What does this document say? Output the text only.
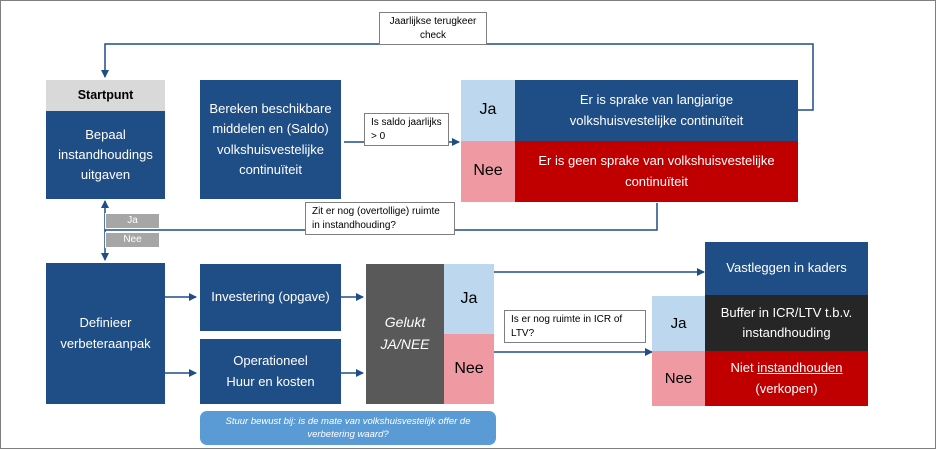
Jaarlijkse terugkeer check
Is saldo jaarlijks > 0
Zit er nog (overtollige) ruimte in instandhouding?
Is er nog ruimte in ICR of LTV?
Ja
Nee
Startpunt
Bepaal instandhoudings uitgaven
Bereken beschikbare middelen en (Saldo) volkshuisvestelijke continuïteit
Ja
Nee
Er is sprake van langjarige volkshuisvestelijke continuïteit
Er is geen sprake van volkshuisvestelijke continuïteit
Definieer verbeteraanpak
Investering (opgave)
Operationeel Huur en kosten
Gelukt JA/NEE
Ja
Nee
Ja
Nee
Vastleggen in kaders
Buffer in ICR/LTV t.b.v. instandhouding
Niet instandhouden
(verkopen)
Stuur bewust bij: is de mate van volkshuisvestelijk offer de verbetering waard?
